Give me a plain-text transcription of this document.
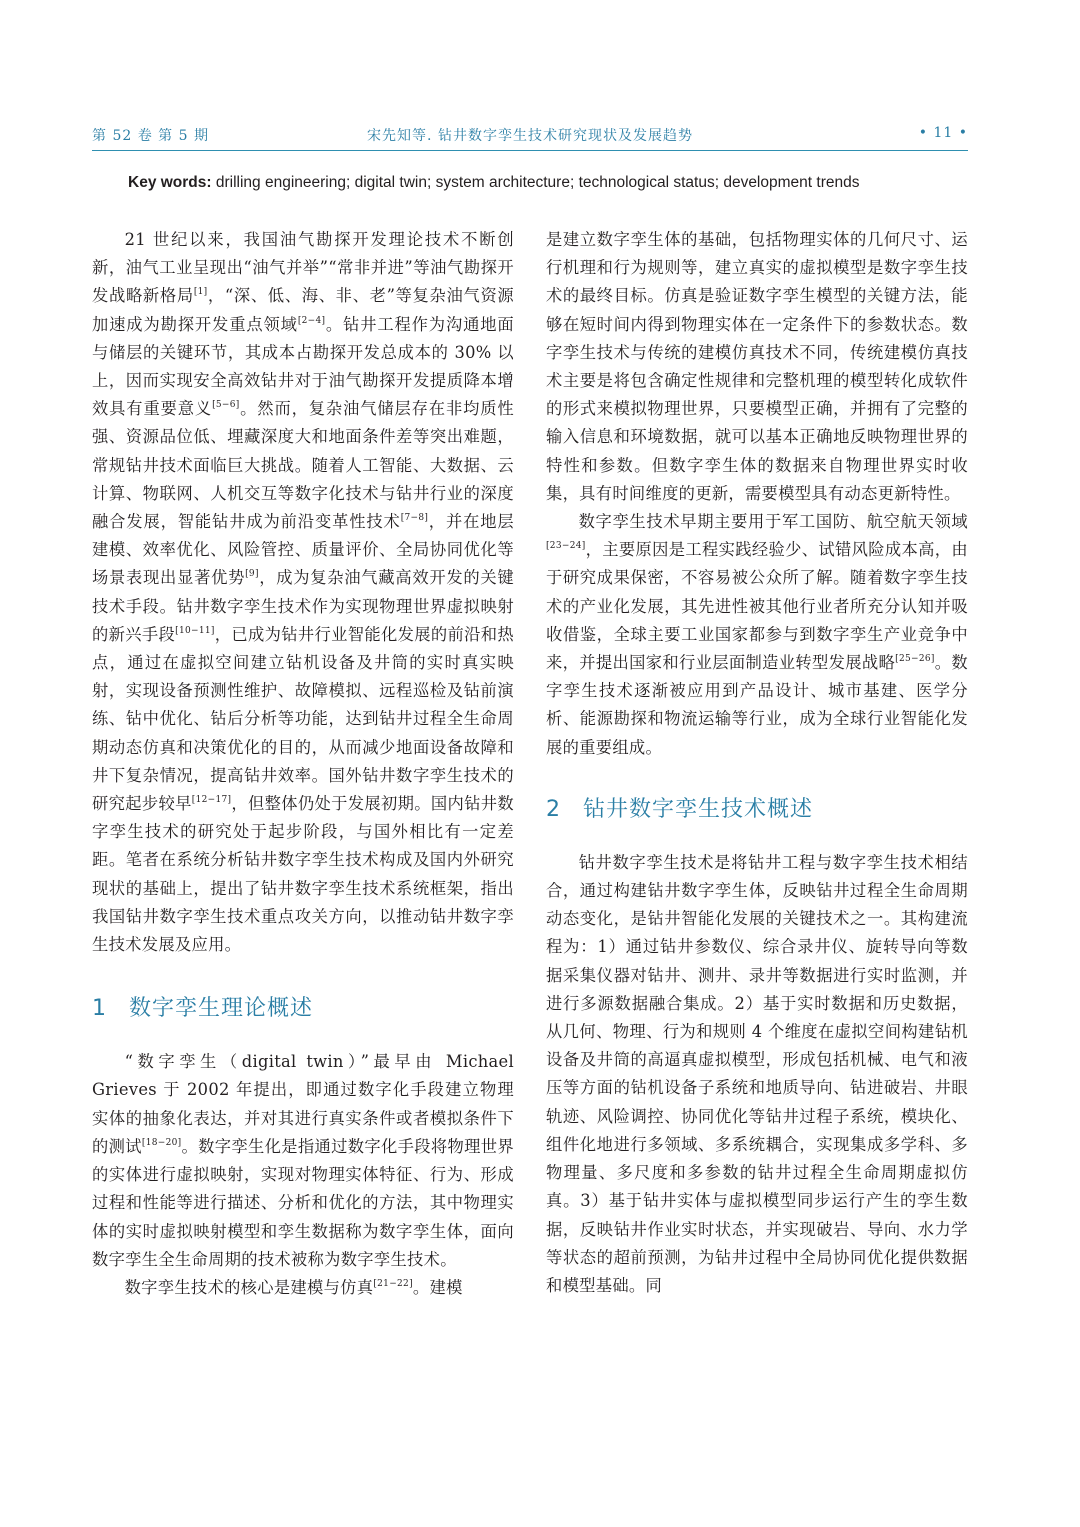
第 52 卷 第 5 期	宋先知等. 钻井数字孪生技术研究现状及发展趋势	• 11 •
Key words: drilling engineering; digital twin; system architecture; technological status; development trends

21 世纪以来，我国油气勘探开发理论技术不断创新，油气工业呈现出“油气并举”“常非并进”等油气勘探开发战略新格局[1]，“深、低、海、非、老”等复杂油气资源加速成为勘探开发重点领域[2−4]。钻井工程作为沟通地面与储层的关键环节，其成本占勘探开发总成本的 30% 以上，因而实现安全高效钻井对于油气勘探开发提质降本增效具有重要意义[5−6]。然而，复杂油气储层存在非均质性强、资源品位低、埋藏深度大和地面条件差等突出难题，常规钻井技术面临巨大挑战。随着人工智能、大数据、云计算、物联网、人机交互等数字化技术与钻井行业的深度融合发展，智能钻井成为前沿变革性技术[7−8]，并在地层建模、效率优化、风险管控、质量评价、全局协同优化等场景表现出显著优势[9]，成为复杂油气藏高效开发的关键技术手段。钻井数字孪生技术作为实现物理世界虚拟映射的新兴手段[10−11]，已成为钻井行业智能化发展的前沿和热点，通过在虚拟空间建立钻机设备及井筒的实时真实映射，实现设备预测性维护、故障模拟、远程巡检及钻前演练、钻中优化、钻后分析等功能，达到钻井过程全生命周期动态仿真和决策优化的目的，从而减少地面设备故障和井下复杂情况，提高钻井效率。国外钻井数字孪生技术的研究起步较早[12−17]，但整体仍处于发展初期。国内钻井数字孪生技术的研究处于起步阶段，与国外相比有一定差距。笔者在系统分析钻井数字孪生技术构成及国内外研究现状的基础上，提出了钻井数字孪生技术系统框架，指出我国钻井数字孪生技术重点攻关方向，以推动钻井数字孪生技术发展及应用。

1 数字孪生理论概述

“数字孪生（digital twin）”最早由 Michael Grieves 于 2002 年提出，即通过数字化手段建立物理实体的抽象化表达，并对其进行真实条件或者模拟条件下的测试[18−20]。数字孪生化是指通过数字化手段将物理世界的实体进行虚拟映射，实现对物理实体特征、行为、形成过程和性能等进行描述、分析和优化的方法，其中物理实体的实时虚拟映射模型和孪生数据称为数字孪生体，面向数字孪生全生命周期的技术被称为数字孪生技术。

数字孪生技术的核心是建模与仿真[21−22]。建模

是建立数字孪生体的基础，包括物理实体的几何尺寸、运行机理和行为规则等，建立真实的虚拟模型是数字孪生技术的最终目标。仿真是验证数字孪生模型的关键方法，能够在短时间内得到物理实体在一定条件下的参数状态。数字孪生技术与传统的建模仿真技术不同，传统建模仿真技术主要是将包含确定性规律和完整机理的模型转化成软件的形式来模拟物理世界，只要模型正确，并拥有了完整的输入信息和环境数据，就可以基本正确地反映物理世界的特性和参数。但数字孪生体的数据来自物理世界实时收集，具有时间维度的更新，需要模型具有动态更新特性。

数字孪生技术早期主要用于军工国防、航空航天领域[23−24]，主要原因是工程实践经验少、试错风险成本高，由于研究成果保密，不容易被公众所了解。随着数字孪生技术的产业化发展，其先进性被其他行业者所充分认知并吸收借鉴，全球主要工业国家都参与到数字孪生产业竞争中来，并提出国家和行业层面制造业转型发展战略[25−26]。数字孪生技术逐渐被应用到产品设计、城市基建、医学分析、能源勘探和物流运输等行业，成为全球行业智能化发展的重要组成。

2 钻井数字孪生技术概述

钻井数字孪生技术是将钻井工程与数字孪生技术相结合，通过构建钻井数字孪生体，反映钻井过程全生命周期动态变化，是钻井智能化发展的关键技术之一。其构建流程为：1）通过钻井参数仪、综合录井仪、旋转导向等数据采集仪器对钻井、测井、录井等数据进行实时监测，并进行多源数据融合集成。2）基于实时数据和历史数据，从几何、物理、行为和规则 4 个维度在虚拟空间构建钻机设备及井筒的高逼真虚拟模型，形成包括机械、电气和液压等方面的钻机设备子系统和地质导向、钻进破岩、井眼轨迹、风险调控、协同优化等钻井过程子系统，模块化、组件化地进行多领域、多系统耦合，实现集成多学科、多物理量、多尺度和多参数的钻井过程全生命周期虚拟仿真。3）基于钻井实体与虚拟模型同步运行产生的孪生数据，反映钻井作业实时状态，并实现破岩、导向、水力学等状态的超前预测，为钻井过程中全局协同优化提供数据和模型基础。同
